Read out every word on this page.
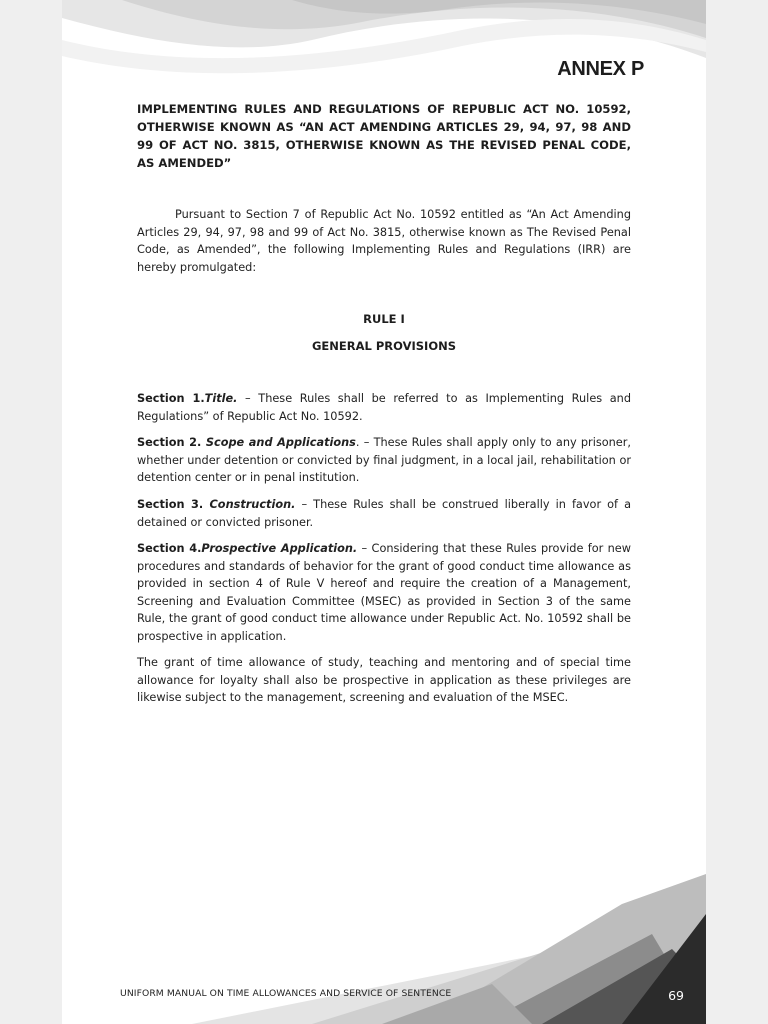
ANNEX P

IMPLEMENTING RULES AND REGULATIONS OF REPUBLIC ACT NO. 10592, OTHERWISE KNOWN AS “AN ACT AMENDING ARTICLES 29, 94, 97, 98 AND 99 OF ACT NO. 3815, OTHERWISE KNOWN AS THE REVISED PENAL CODE, AS AMENDED”

Pursuant to Section 7 of Republic Act No. 10592 entitled as “An Act Amending Articles 29, 94, 97, 98 and 99 of Act No. 3815, otherwise known as The Revised Penal Code, as Amended”, the following Implementing Rules and Regulations (IRR) are hereby promulgated:

RULE I

GENERAL PROVISIONS

Section 1.Title. – These Rules shall be referred to as Implementing Rules and Regulations” of Republic Act No. 10592.

Section 2. Scope and Applications. – These Rules shall apply only to any prisoner, whether under detention or convicted by final judgment, in a local jail, rehabilitation or detention center or in penal institution.

Section 3. Construction. – These Rules shall be construed liberally in favor of a detained or convicted prisoner.

Section 4.Prospective Application. – Considering that these Rules provide for new procedures and standards of behavior for the grant of good conduct time allowance as provided in section 4 of Rule V hereof and require the creation of a Management, Screening and Evaluation Committee (MSEC) as provided in Section 3 of the same Rule, the grant of good conduct time allowance under Republic Act. No. 10592 shall be prospective in application.

The grant of time allowance of study, teaching and mentoring and of special time allowance for loyalty shall also be prospective in application as these privileges are likewise subject to the management, screening and evaluation of the MSEC.

UNIFORM MANUAL ON TIME ALLOWANCES AND SERVICE OF SENTENCE	69
